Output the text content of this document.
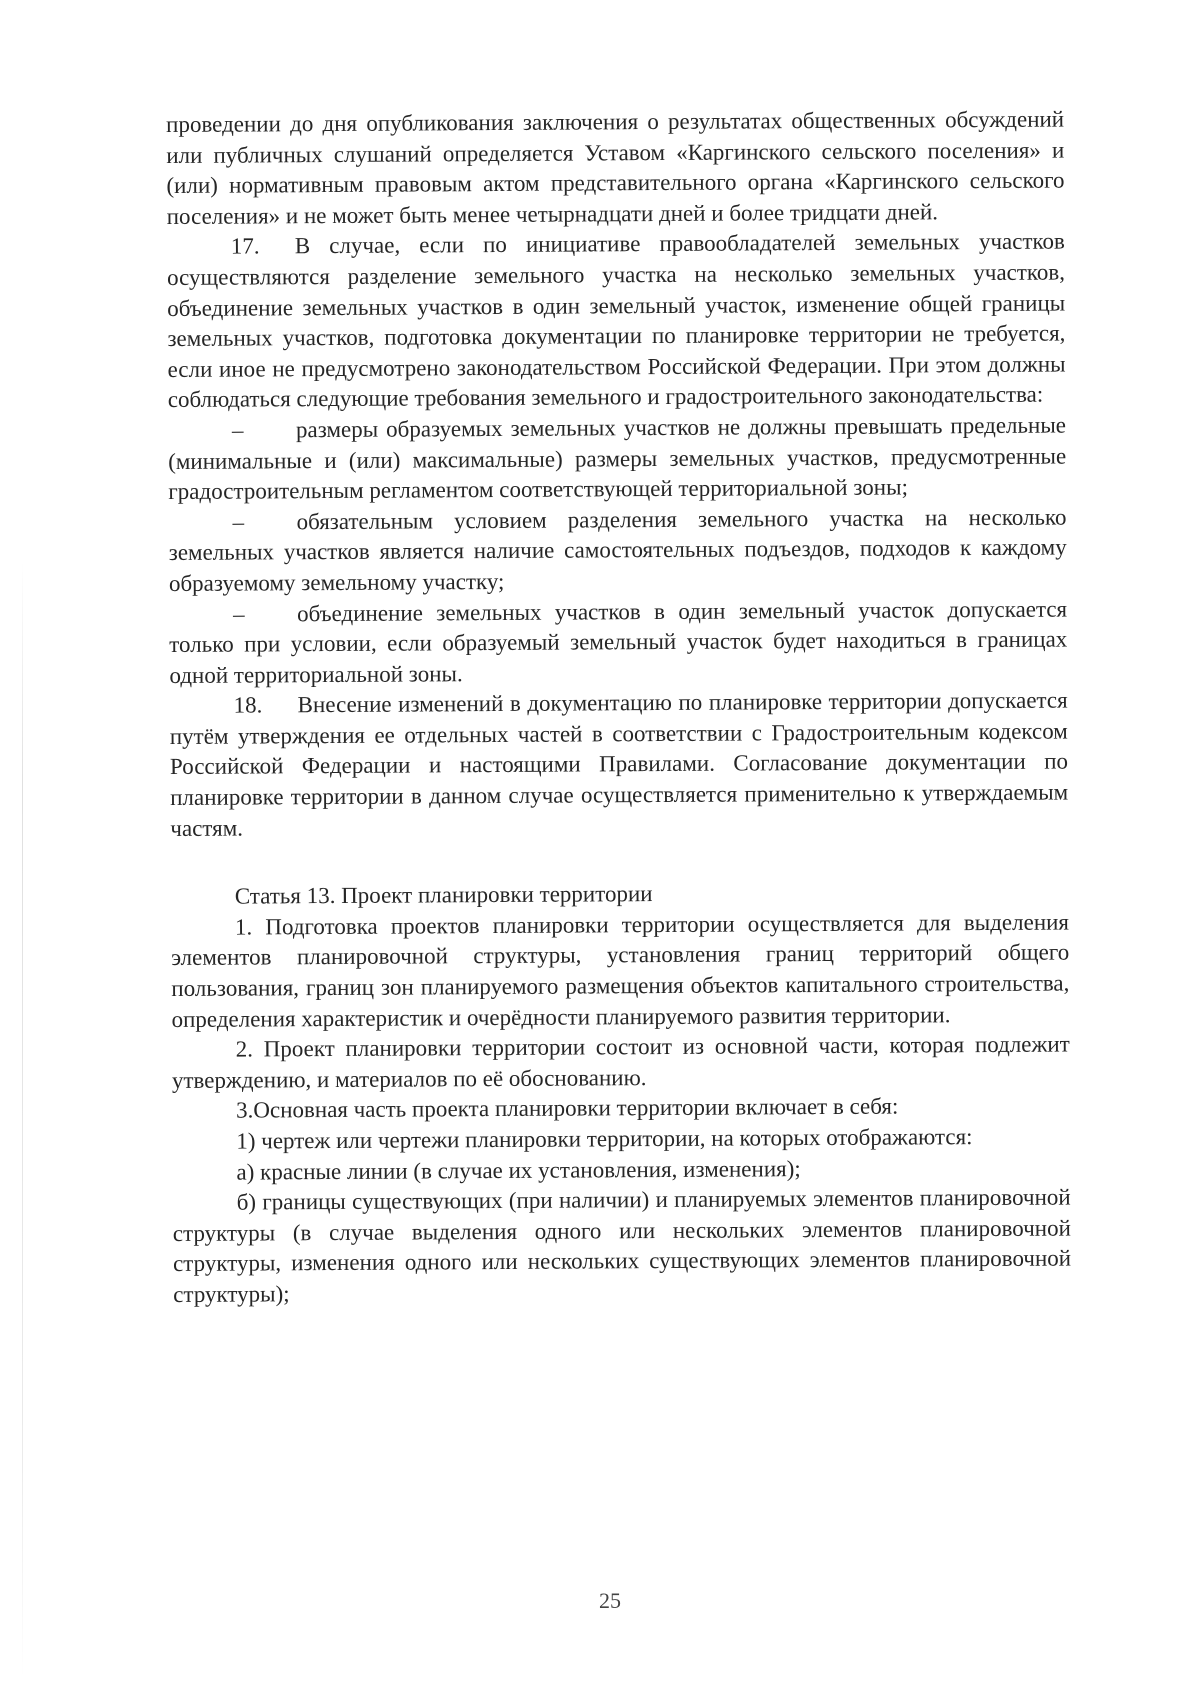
проведении до дня опубликования заключения о результатах общественных обсуждений или публичных слушаний определяется Уставом «Каргинского сельского поселения» и (или) нормативным правовым актом представительного органа «Каргинского сельского поселения» и не может быть менее четырнадцати дней и более тридцати дней.

17. В случае, если по инициативе правообладателей земельных участков осуществляются разделение земельного участка на несколько земельных участков, объединение земельных участков в один земельный участок, изменение общей границы земельных участков, подготовка документации по планировке территории не требуется, если иное не предусмотрено законодательством Российской Федерации. При этом должны соблюдаться следующие требования земельного и градостроительного законодательства:

– размеры образуемых земельных участков не должны превышать предельные (минимальные и (или) максимальные) размеры земельных участков, предусмотренные градостроительным регламентом соответствующей территориальной зоны;

– обязательным условием разделения земельного участка на несколько земельных участков является наличие самостоятельных подъездов, подходов к каждому образуемому земельному участку;

– объединение земельных участков в один земельный участок допускается только при условии, если образуемый земельный участок будет находиться в границах одной территориальной зоны.

18. Внесение изменений в документацию по планировке территории допускается путём утверждения ее отдельных частей в соответствии с Градостроительным кодексом Российской Федерации и настоящими Правилами. Согласование документации по планировке территории в данном случае осуществляется применительно к утверждаемым частям.

Статья 13. Проект планировки территории

1. Подготовка проектов планировки территории осуществляется для выделения элементов планировочной структуры, установления границ территорий общего пользования, границ зон планируемого размещения объектов капитального строительства, определения характеристик и очерёдности планируемого развития территории.

2. Проект планировки территории состоит из основной части, которая подлежит утверждению, и материалов по её обоснованию.

3.Основная часть проекта планировки территории включает в себя:

1) чертеж или чертежи планировки территории, на которых отображаются:

а) красные линии (в случае их установления, изменения);

б) границы существующих (при наличии) и планируемых элементов планировочной структуры (в случае выделения одного или нескольких элементов планировочной структуры, изменения одного или нескольких существующих элементов планировочной структуры);

25
